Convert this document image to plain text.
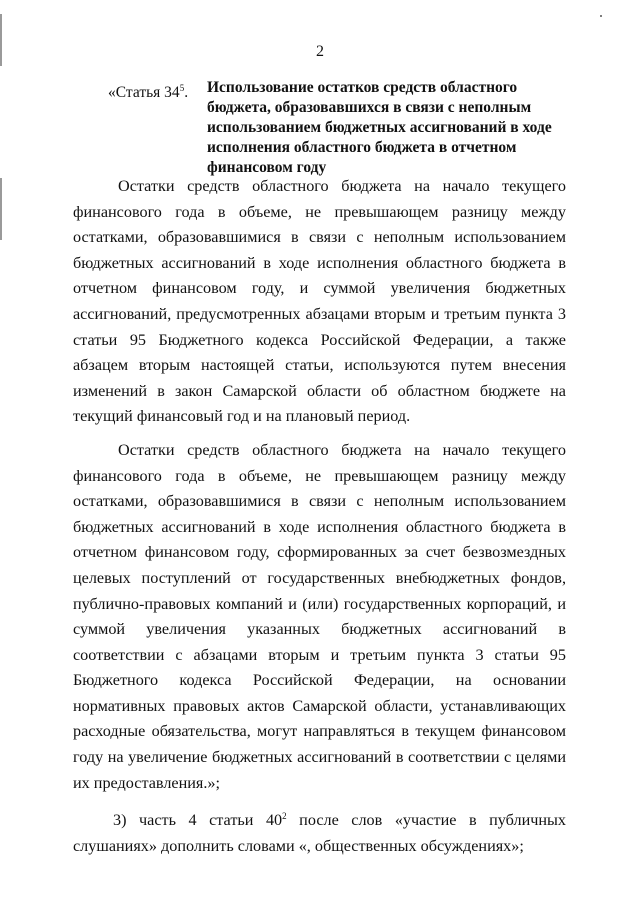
2
«Статья $34^5$.	Использование остатков средств областного бюджета, образовавшихся в связи с неполным использованием бюджетных ассигнований в ходе исполнения областного бюджета в отчетном финансовом году

Остатки средств областного бюджета на начало текущего финансового года в объеме, не превышающем разницу между остатками, образовавшимися в связи с неполным использованием бюджетных ассигнований в ходе исполнения областного бюджета в отчетном финансовом году, и суммой увеличения бюджетных ассигнований, предусмотренных абзацами вторым и третьим пункта 3 статьи 95 Бюджетного кодекса Российской Федерации, а также абзацем вторым настоящей статьи, используются путем внесения изменений в закон Самарской области об областном бюджете на текущий финансовый год и на плановый период.

Остатки средств областного бюджета на начало текущего финансового года в объеме, не превышающем разницу между остатками, образовавшимися в связи с неполным использованием бюджетных ассигнований в ходе исполнения областного бюджета в отчетном финансовом году, сформированных за счет безвозмездных целевых поступлений от государственных внебюджетных фондов, публично-правовых компаний и (или) государственных корпораций, и суммой увеличения указанных бюджетных ассигнований в соответствии с абзацами вторым и третьим пункта 3 статьи 95 Бюджетного кодекса Российской Федерации, на основании нормативных правовых актов Самарской области, устанавливающих расходные обязательства, могут направляться в текущем финансовом году на увеличение бюджетных ассигнований в соответствии с целями их предоставления.»;

3) часть 4 статьи $40^2$ после слов «участие в публичных слушаниях» дополнить словами «, общественных обсуждениях»;
